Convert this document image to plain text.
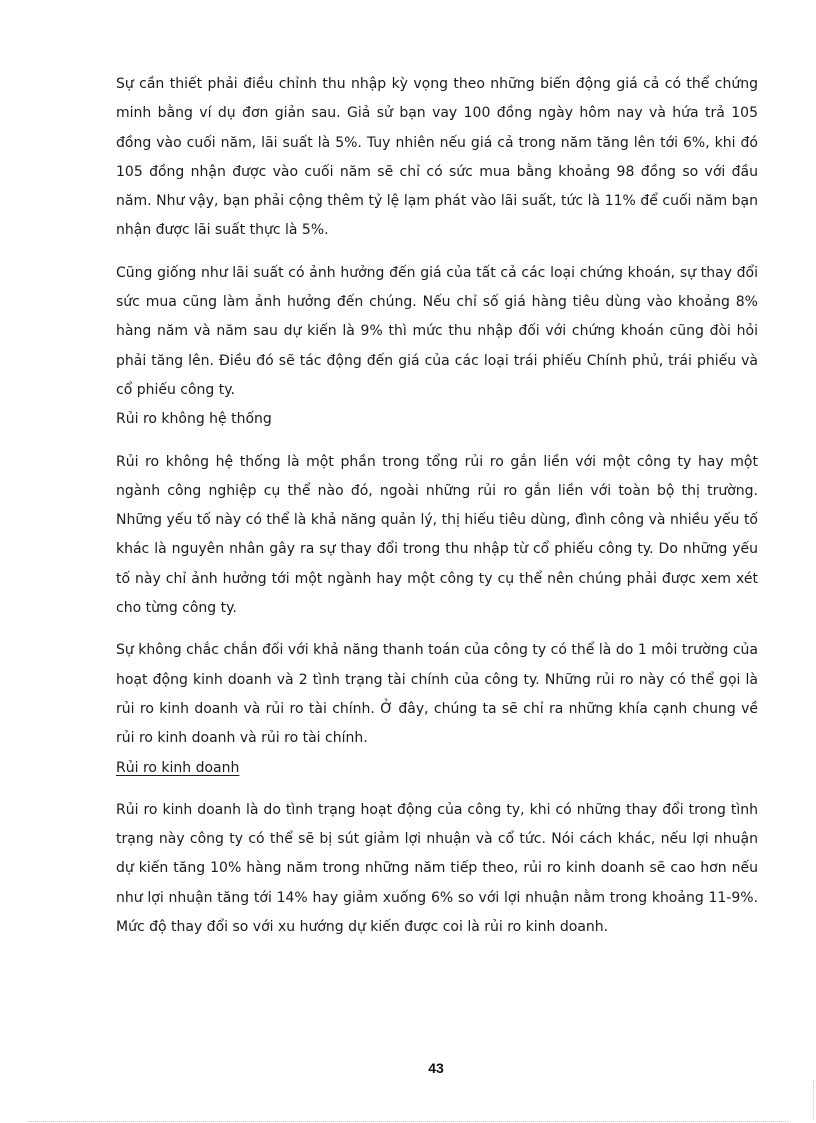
Sự cần thiết phải điều chỉnh thu nhập kỳ vọng theo những biến động giá cả có thể chứng minh bằng ví dụ đơn giản sau. Giả sử bạn vay 100 đồng ngày hôm nay và hứa trả 105 đồng vào cuối năm, lãi suất là 5%. Tuy nhiên nếu giá cả trong năm tăng lên tới 6%, khi đó 105 đồng nhận được vào cuối năm sẽ chỉ có sức mua bằng khoảng 98 đồng so với đầu năm. Như vậy, bạn phải cộng thêm tỷ lệ lạm phát vào lãi suất, tức là 11% để cuối năm bạn nhận được lãi suất thực là 5%.

Cũng giống như lãi suất có ảnh hưởng đến giá của tất cả các loại chứng khoán, sự thay đổi sức mua cũng làm ảnh hưởng đến chúng. Nếu chỉ số giá hàng tiêu dùng vào khoảng 8% hàng năm và năm sau dự kiến là 9% thì mức thu nhập đối với chứng khoán cũng đòi hỏi phải tăng lên. Điều đó sẽ tác động đến giá của các loại trái phiếu Chính phủ, trái phiếu và cổ phiếu công ty.

Rủi ro không hệ thống

Rủi ro không hệ thống là một phần trong tổng rủi ro gắn liền với một công ty hay một ngành công nghiệp cụ thể nào đó, ngoài những rủi ro gắn liền với toàn bộ thị trường. Những yếu tố này có thể là khả năng quản lý, thị hiếu tiêu dùng, đình công và nhiều yếu tố khác là nguyên nhân gây ra sự thay đổi trong thu nhập từ cổ phiếu công ty. Do những yếu tố này chỉ ảnh hưởng tới một ngành hay một công ty cụ thể nên chúng phải được xem xét cho từng công ty.

Sự không chắc chắn đối với khả năng thanh toán của công ty có thể là do 1 môi trường của hoạt động kinh doanh và 2 tình trạng tài chính của công ty. Những rủi ro này có thể gọi là rủi ro kinh doanh và rủi ro tài chính. Ở đây, chúng ta sẽ chỉ ra những khía cạnh chung về rủi ro kinh doanh và rủi ro tài chính.

Rủi ro kinh doanh

Rủi ro kinh doanh là do tình trạng hoạt động của công ty, khi có những thay đổi trong tình trạng này công ty có thể sẽ bị sút giảm lợi nhuận và cổ tức. Nói cách khác, nếu lợi nhuận dự kiến tăng 10% hàng năm trong những năm tiếp theo, rủi ro kinh doanh sẽ cao hơn nếu như lợi nhuận tăng tới 14% hay giảm xuống 6% so với lợi nhuận nằm trong khoảng 11-9%. Mức độ thay đổi so với xu hướng dự kiến được coi là rủi ro kinh doanh.

43
